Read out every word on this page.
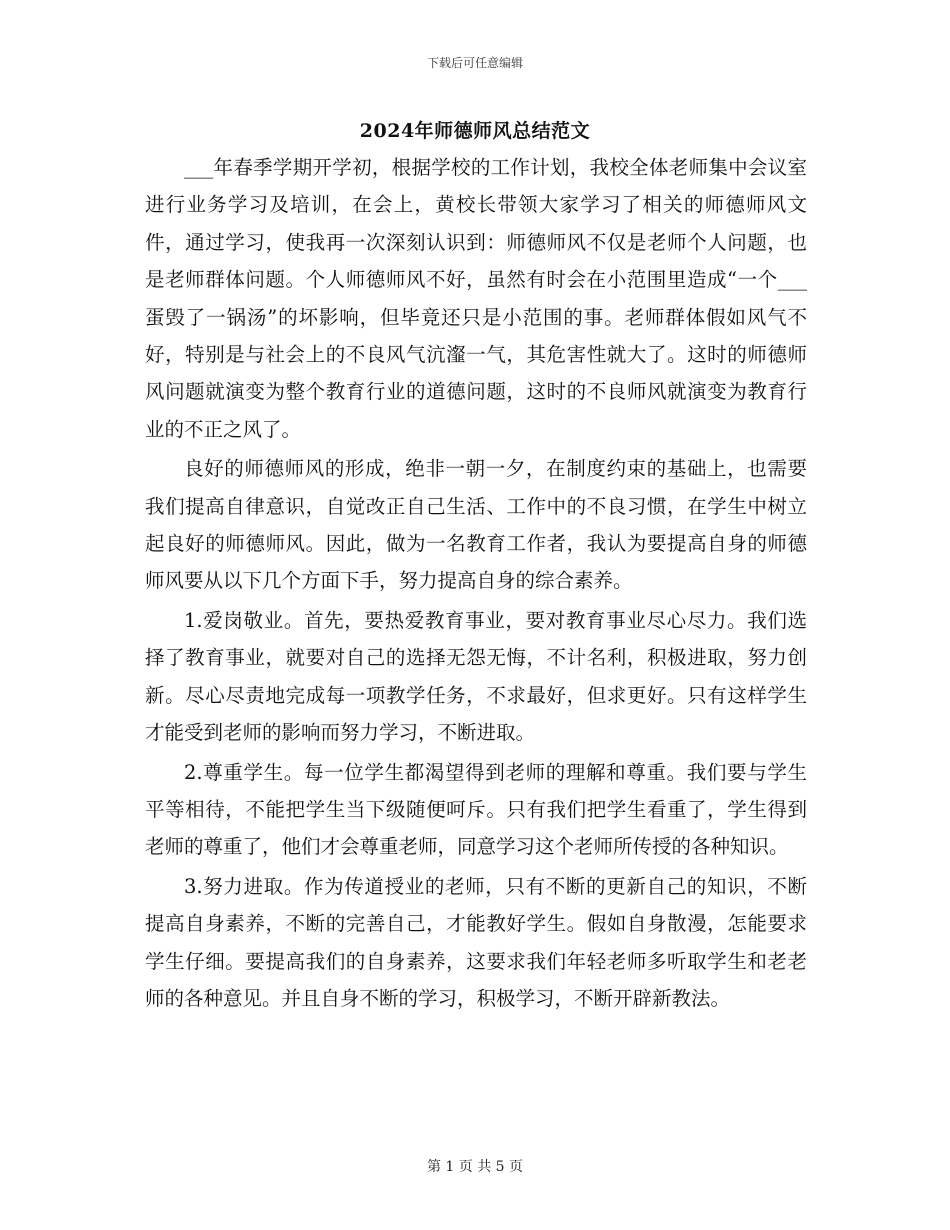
下载后可任意编辑
2024年师德师风总结范文

___年春季学期开学初，根据学校的工作计划，我校全体老师集中会议室进行业务学习及培训，在会上，黄校长带领大家学习了相关的师德师风文件，通过学习，使我再一次深刻认识到：师德师风不仅是老师个人问题，也是老师群体问题。个人师德师风不好，虽然有时会在小范围里造成“一个___蛋毁了一锅汤”的坏影响，但毕竟还只是小范围的事。老师群体假如风气不好，特别是与社会上的不良风气沆瀣一气，其危害性就大了。这时的师德师风问题就演变为整个教育行业的道德问题，这时的不良师风就演变为教育行业的不正之风了。

良好的师德师风的形成，绝非一朝一夕，在制度约束的基础上，也需要我们提高自律意识，自觉改正自己生活、工作中的不良习惯，在学生中树立起良好的师德师风。因此，做为一名教育工作者，我认为要提高自身的师德师风要从以下几个方面下手，努力提高自身的综合素养。

1.爱岗敬业。首先，要热爱教育事业，要对教育事业尽心尽力。我们选择了教育事业，就要对自己的选择无怨无悔，不计名利，积极进取，努力创新。尽心尽责地完成每一项教学任务，不求最好，但求更好。只有这样学生才能受到老师的影响而努力学习，不断进取。

2.尊重学生。每一位学生都渴望得到老师的理解和尊重。我们要与学生平等相待，不能把学生当下级随便呵斥。只有我们把学生看重了，学生得到老师的尊重了，他们才会尊重老师，同意学习这个老师所传授的各种知识。

3.努力进取。作为传道授业的老师，只有不断的更新自己的知识，不断提高自身素养，不断的完善自己，才能教好学生。假如自身散漫，怎能要求学生仔细。要提高我们的自身素养，这要求我们年轻老师多听取学生和老老师的各种意见。并且自身不断的学习，积极学习，不断开辟新教法。

第 1 页 共 5 页
